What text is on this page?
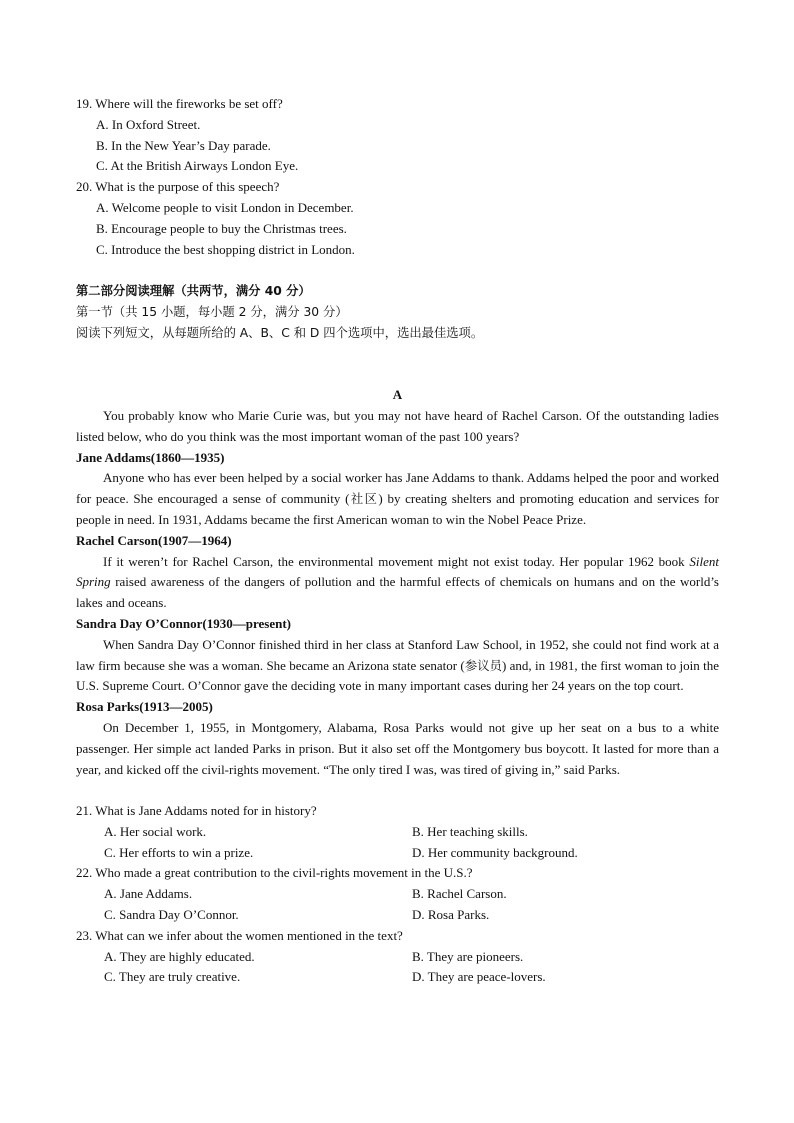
19. Where will the fireworks be set off?
A. In Oxford Street.
B. In the New Year’s Day parade.
C. At the British Airways London Eye.
20. What is the purpose of this speech?
A. Welcome people to visit London in December.
B. Encourage people to buy the Christmas trees.
C. Introduce the best shopping district in London.
第二部分阅读理解（共两节，满分 40 分）
第一节（共 15 小题，每小题 2 分，满分 30 分）
阅读下列短文，从每题所给的 A、B、C 和 D 四个选项中，选出最佳选项。
A

You probably know who Marie Curie was, but you may not have heard of Rachel Carson. Of the outstanding ladies listed below, who do you think was the most important woman of the past 100 years?

Jane Addams(1860—1935)

Anyone who has ever been helped by a social worker has Jane Addams to thank. Addams helped the poor and worked for peace. She encouraged a sense of community (社区) by creating shelters and promoting education and services for people in need. In 1931, Addams became the first American woman to win the Nobel Peace Prize.

Rachel Carson(1907—1964)

If it weren’t for Rachel Carson, the environmental movement might not exist today. Her popular 1962 book Silent Spring raised awareness of the dangers of pollution and the harmful effects of chemicals on humans and on the world’s lakes and oceans.

Sandra Day O’Connor(1930—present)

When Sandra Day O’Connor finished third in her class at Stanford Law School, in 1952, she could not find work at a law firm because she was a woman. She became an Arizona state senator (参议员) and, in 1981, the first woman to join the U.S. Supreme Court. O’Connor gave the deciding vote in many important cases during her 24 years on the top court.

Rosa Parks(1913—2005)

On December 1, 1955, in Montgomery, Alabama, Rosa Parks would not give up her seat on a bus to a white passenger. Her simple act landed Parks in prison. But it also set off the Montgomery bus boycott. It lasted for more than a year, and kicked off the civil-rights movement. “The only tired I was, was tired of giving in,” said Parks.

21. What is Jane Addams noted for in history?
A. Her social work.	B. Her teaching skills.
C. Her efforts to win a prize.	D. Her community background.
22. Who made a great contribution to the civil-rights movement in the U.S.?
A. Jane Addams.	B. Rachel Carson.
C. Sandra Day O’Connor.	D. Rosa Parks.
23. What can we infer about the women mentioned in the text?
A. They are highly educated.	B. They are pioneers.
C. They are truly creative.	D. They are peace-lovers.
